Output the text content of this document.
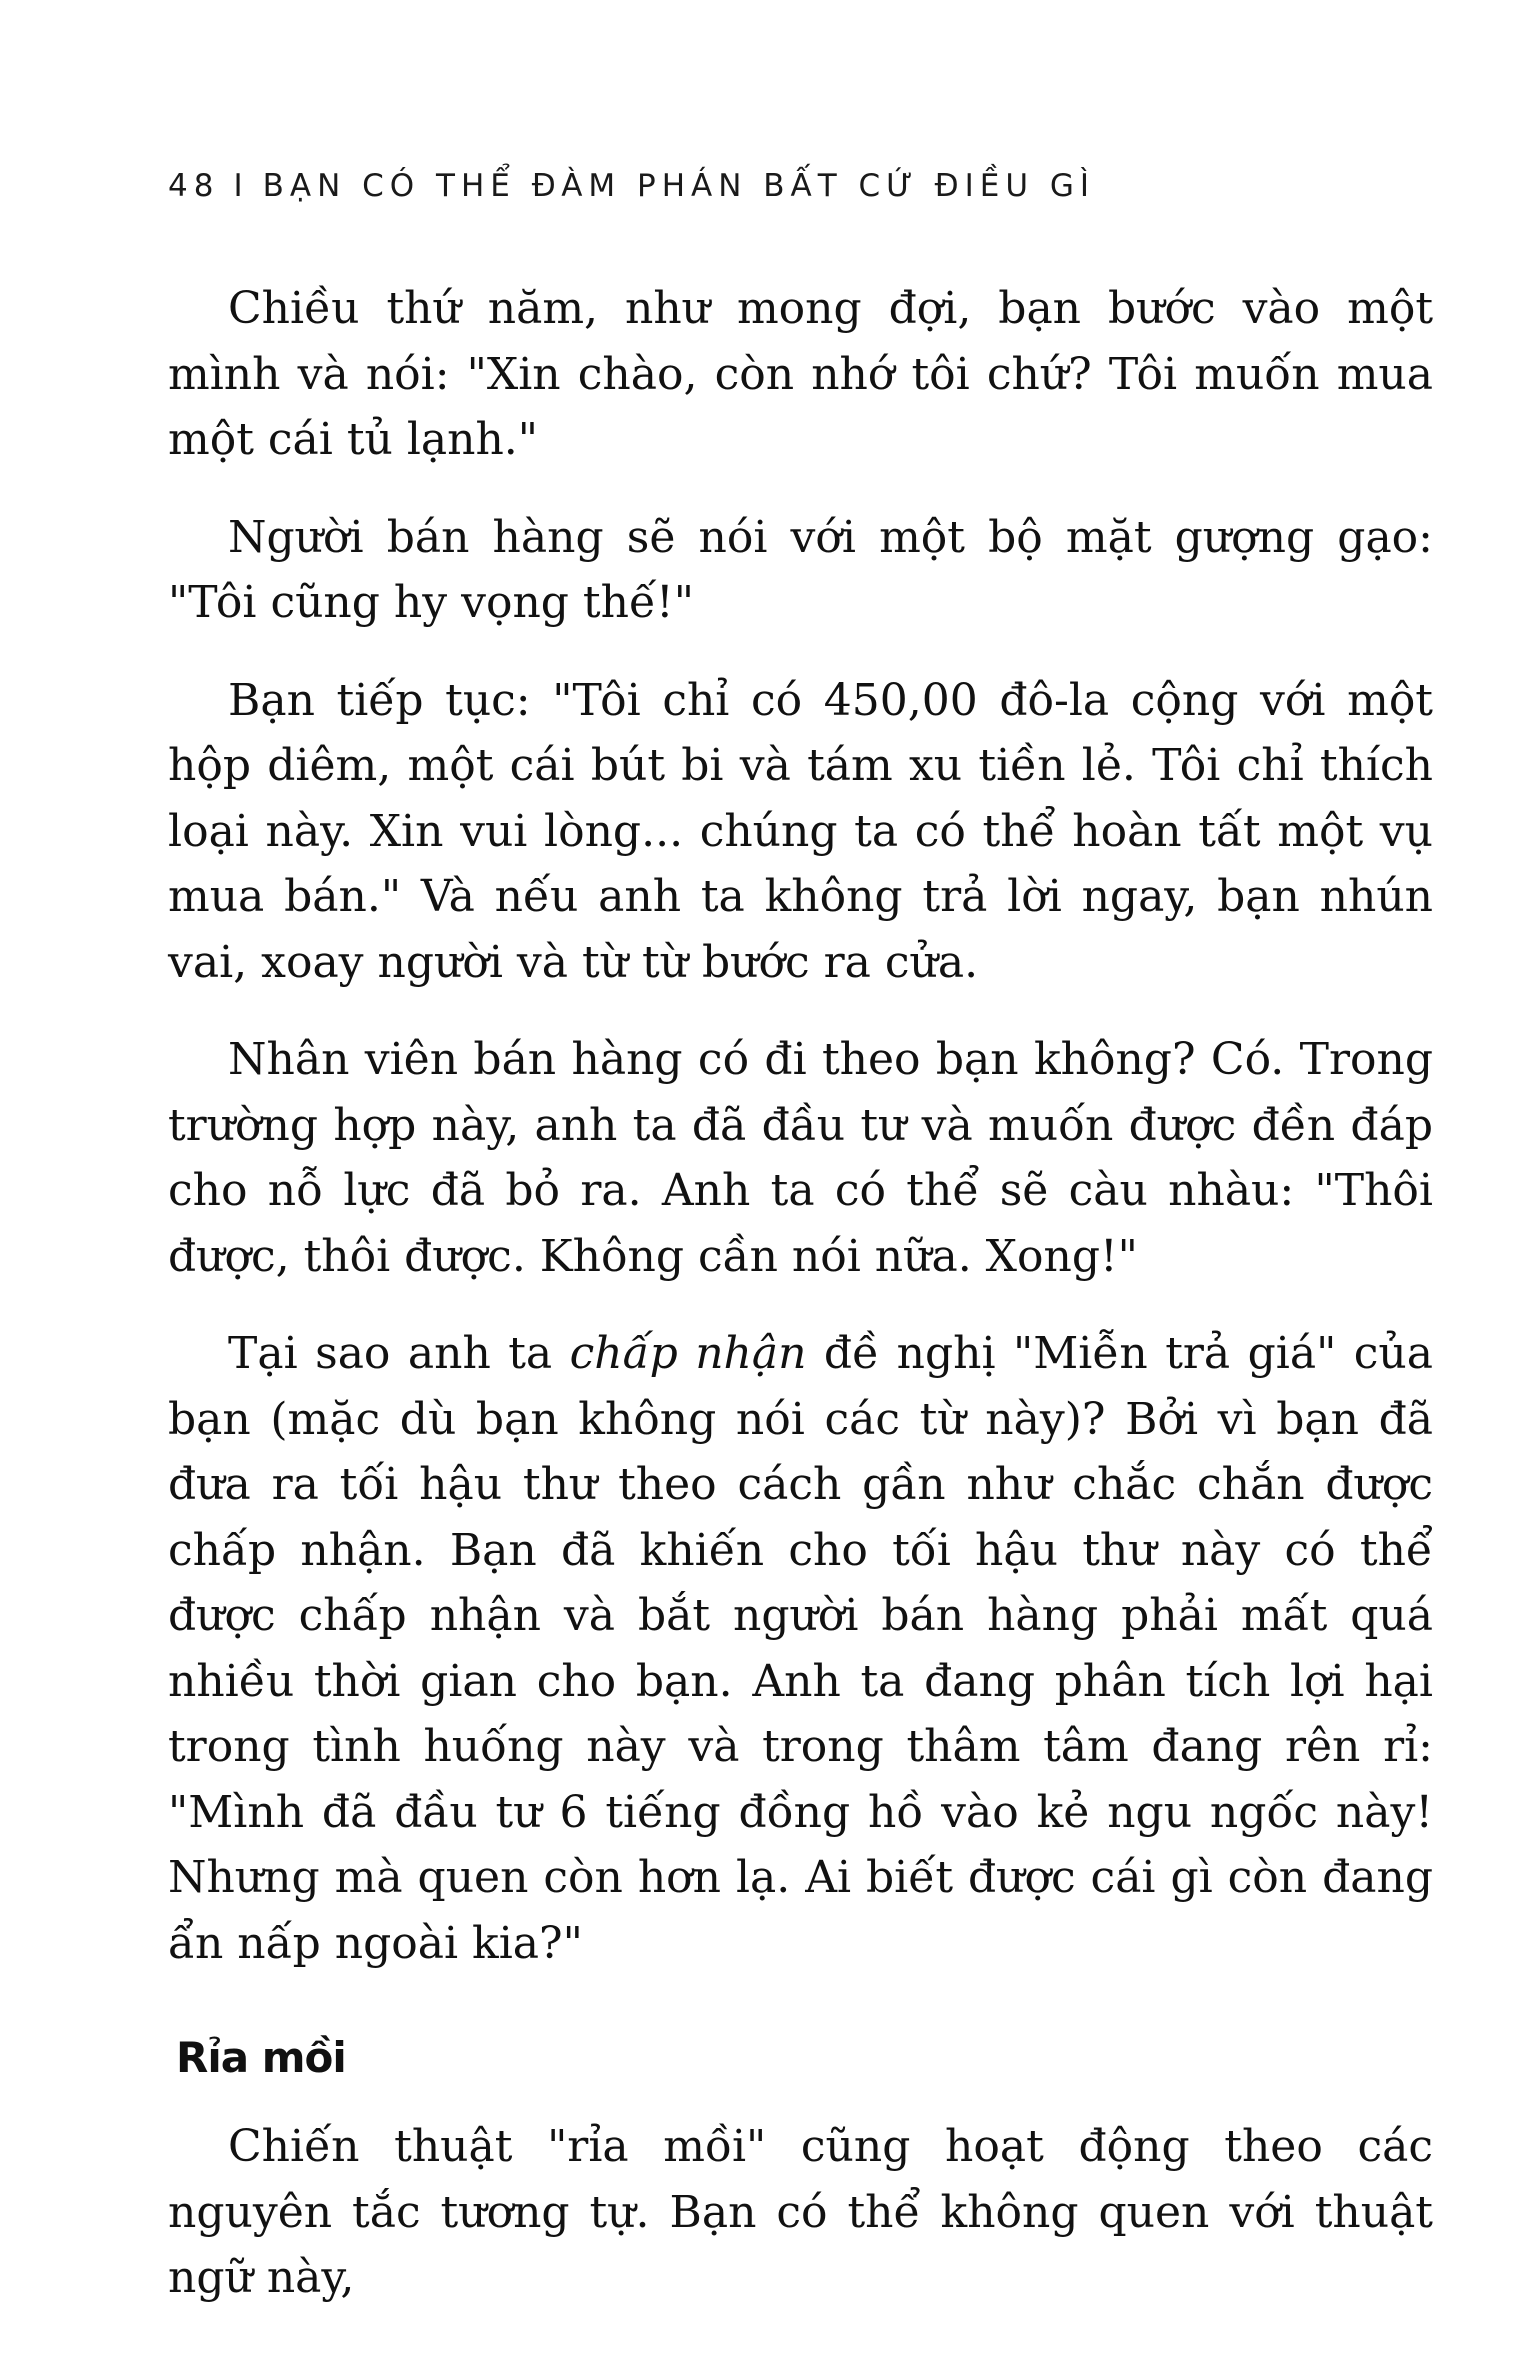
48 I BẠN CÓ THỂ ĐÀM PHÁN BẤT CỨ ĐIỀU GÌ

Chiều thứ năm, như mong đợi, bạn bước vào một mình và nói: "Xin chào, còn nhớ tôi chứ? Tôi muốn mua một cái tủ lạnh."

Người bán hàng sẽ nói với một bộ mặt gượng gạo: "Tôi cũng hy vọng thế!"

Bạn tiếp tục: "Tôi chỉ có 450,00 đô-la cộng với một hộp diêm, một cái bút bi và tám xu tiền lẻ. Tôi chỉ thích loại này. Xin vui lòng... chúng ta có thể hoàn tất một vụ mua bán." Và nếu anh ta không trả lời ngay, bạn nhún vai, xoay người và từ từ bước ra cửa.

Nhân viên bán hàng có đi theo bạn không? Có. Trong trường hợp này, anh ta đã đầu tư và muốn được đền đáp cho nỗ lực đã bỏ ra. Anh ta có thể sẽ càu nhàu: "Thôi được, thôi được. Không cần nói nữa. Xong!"

Tại sao anh ta chấp nhận đề nghị "Miễn trả giá" của bạn (mặc dù bạn không nói các từ này)? Bởi vì bạn đã đưa ra tối hậu thư theo cách gần như chắc chắn được chấp nhận. Bạn đã khiến cho tối hậu thư này có thể được chấp nhận và bắt người bán hàng phải mất quá nhiều thời gian cho bạn. Anh ta đang phân tích lợi hại trong tình huống này và trong thâm tâm đang rên rỉ: "Mình đã đầu tư 6 tiếng đồng hồ vào kẻ ngu ngốc này! Nhưng mà quen còn hơn lạ. Ai biết được cái gì còn đang ẩn nấp ngoài kia?"

Rỉa mồi

Chiến thuật "rỉa mồi" cũng hoạt động theo các nguyên tắc tương tự. Bạn có thể không quen với thuật ngữ này,
